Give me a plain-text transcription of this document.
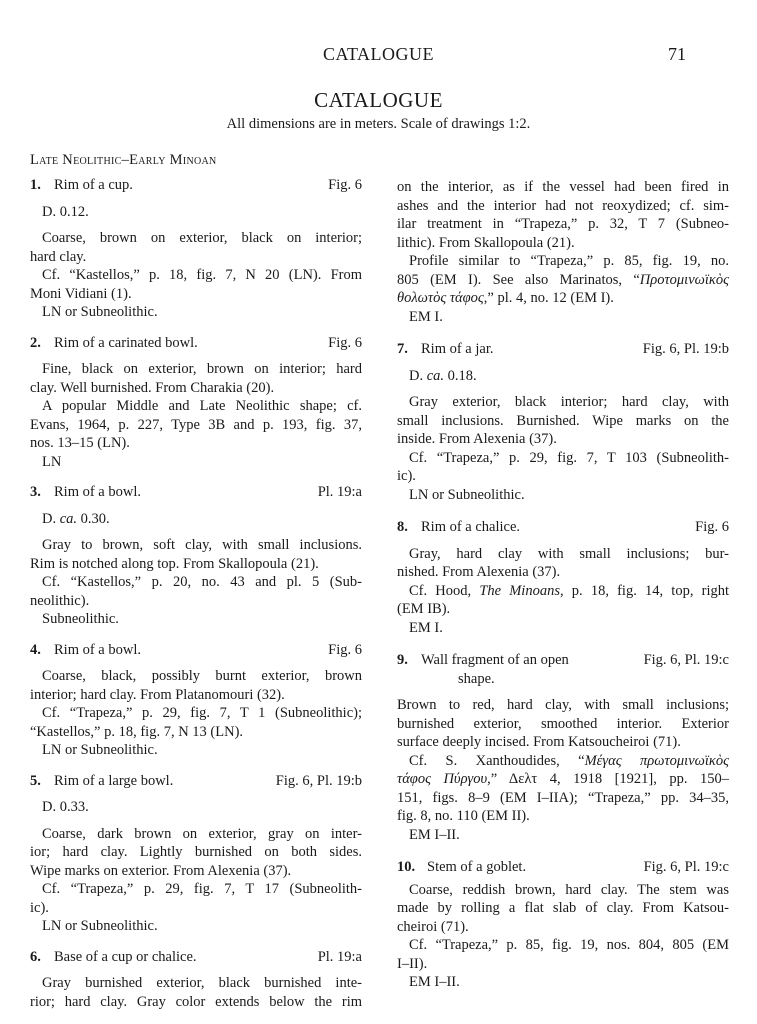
CATALOGUE	71
CATALOGUE
All dimensions are in meters. Scale of drawings 1:2.
Late Neolithic–Early Minoan
1. Rim of a cup.	Fig. 6

D. 0.12.

Coarse, brown on exterior, black on interior;
hard clay.

Cf. “Kastellos,” p. 18, fig. 7, N 20 (LN). From
Moni Vidiani (1).

LN or Subneolithic.

2. Rim of a carinated bowl.	Fig. 6

Fine, black on exterior, brown on interior; hard
clay. Well burnished. From Charakia (20).

A popular Middle and Late Neolithic shape; cf.
Evans, 1964, p. 227, Type 3B and p. 193, fig. 37,
nos. 13–15 (LN).

LN

3. Rim of a bowl.	Pl. 19:a

D. ca. 0.30.

Gray to brown, soft clay, with small inclusions.
Rim is notched along top. From Skallopoula (21).

Cf. “Kastellos,” p. 20, no. 43 and pl. 5 (Sub-
neolithic).

Subneolithic.

4. Rim of a bowl.	Fig. 6

Coarse, black, possibly burnt exterior, brown
interior; hard clay. From Platanomouri (32).

Cf. “Trapeza,” p. 29, fig. 7, T 1 (Subneolithic);
“Kastellos,” p. 18, fig. 7, N 13 (LN).

LN or Subneolithic.

5. Rim of a large bowl.	Fig. 6, Pl. 19:b

D. 0.33.

Coarse, dark brown on exterior, gray on inter-
ior; hard clay. Lightly burnished on both sides.
Wipe marks on exterior. From Alexenia (37).

Cf. “Trapeza,” p. 29, fig. 7, T 17 (Subneolith-
ic).

LN or Subneolithic.

6. Base of a cup or chalice.	Pl. 19:a

Gray burnished exterior, black burnished inte-
rior; hard clay. Gray color extends below the rim

on the interior, as if the vessel had been fired in
ashes and the interior had not reoxydized; cf. sim-
ilar treatment in “Trapeza,” p. 32, T 7 (Subneo-
lithic). From Skallopoula (21).

Profile similar to “Trapeza,” p. 85, fig. 19, no.
805 (EM I). See also Marinatos, “Προτομινωϊκὸς
θολωτὸς τάφος,” pl. 4, no. 12 (EM I).

EM I.

7. Rim of a jar.	Fig. 6, Pl. 19:b

D. ca. 0.18.

Gray exterior, black interior; hard clay, with
small inclusions. Burnished. Wipe marks on the
inside. From Alexenia (37).

Cf. “Trapeza,” p. 29, fig. 7, T 103 (Subneolith-
ic).

LN or Subneolithic.

8. Rim of a chalice.	Fig. 6

Gray, hard clay with small inclusions; bur-
nished. From Alexenia (37).

Cf. Hood, The Minoans, p. 18, fig. 14, top, right
(EM IB).

EM I.

9. Wall fragment of an open
shape.
Fig. 6, Pl. 19:c

Brown to red, hard clay, with small inclusions;
burnished exterior, smoothed interior. Exterior
surface deeply incised. From Katsoucheiroi (71).

Cf. S. Xanthoudides, “Μέγας πρωτομινωϊκὸς
τάφος Πύργου,” Δελτ 4, 1918 [1921], pp. 150–
151, figs. 8–9 (EM I–IIA); “Trapeza,” pp. 34–35,
fig. 8, no. 110 (EM II).

EM I–II.

10. Stem of a goblet.	Fig. 6, Pl. 19:c

Coarse, reddish brown, hard clay. The stem was
made by rolling a flat slab of clay. From Katsou-
cheiroi (71).

Cf. “Trapeza,” p. 85, fig. 19, nos. 804, 805 (EM
I–II).

EM I–II.
